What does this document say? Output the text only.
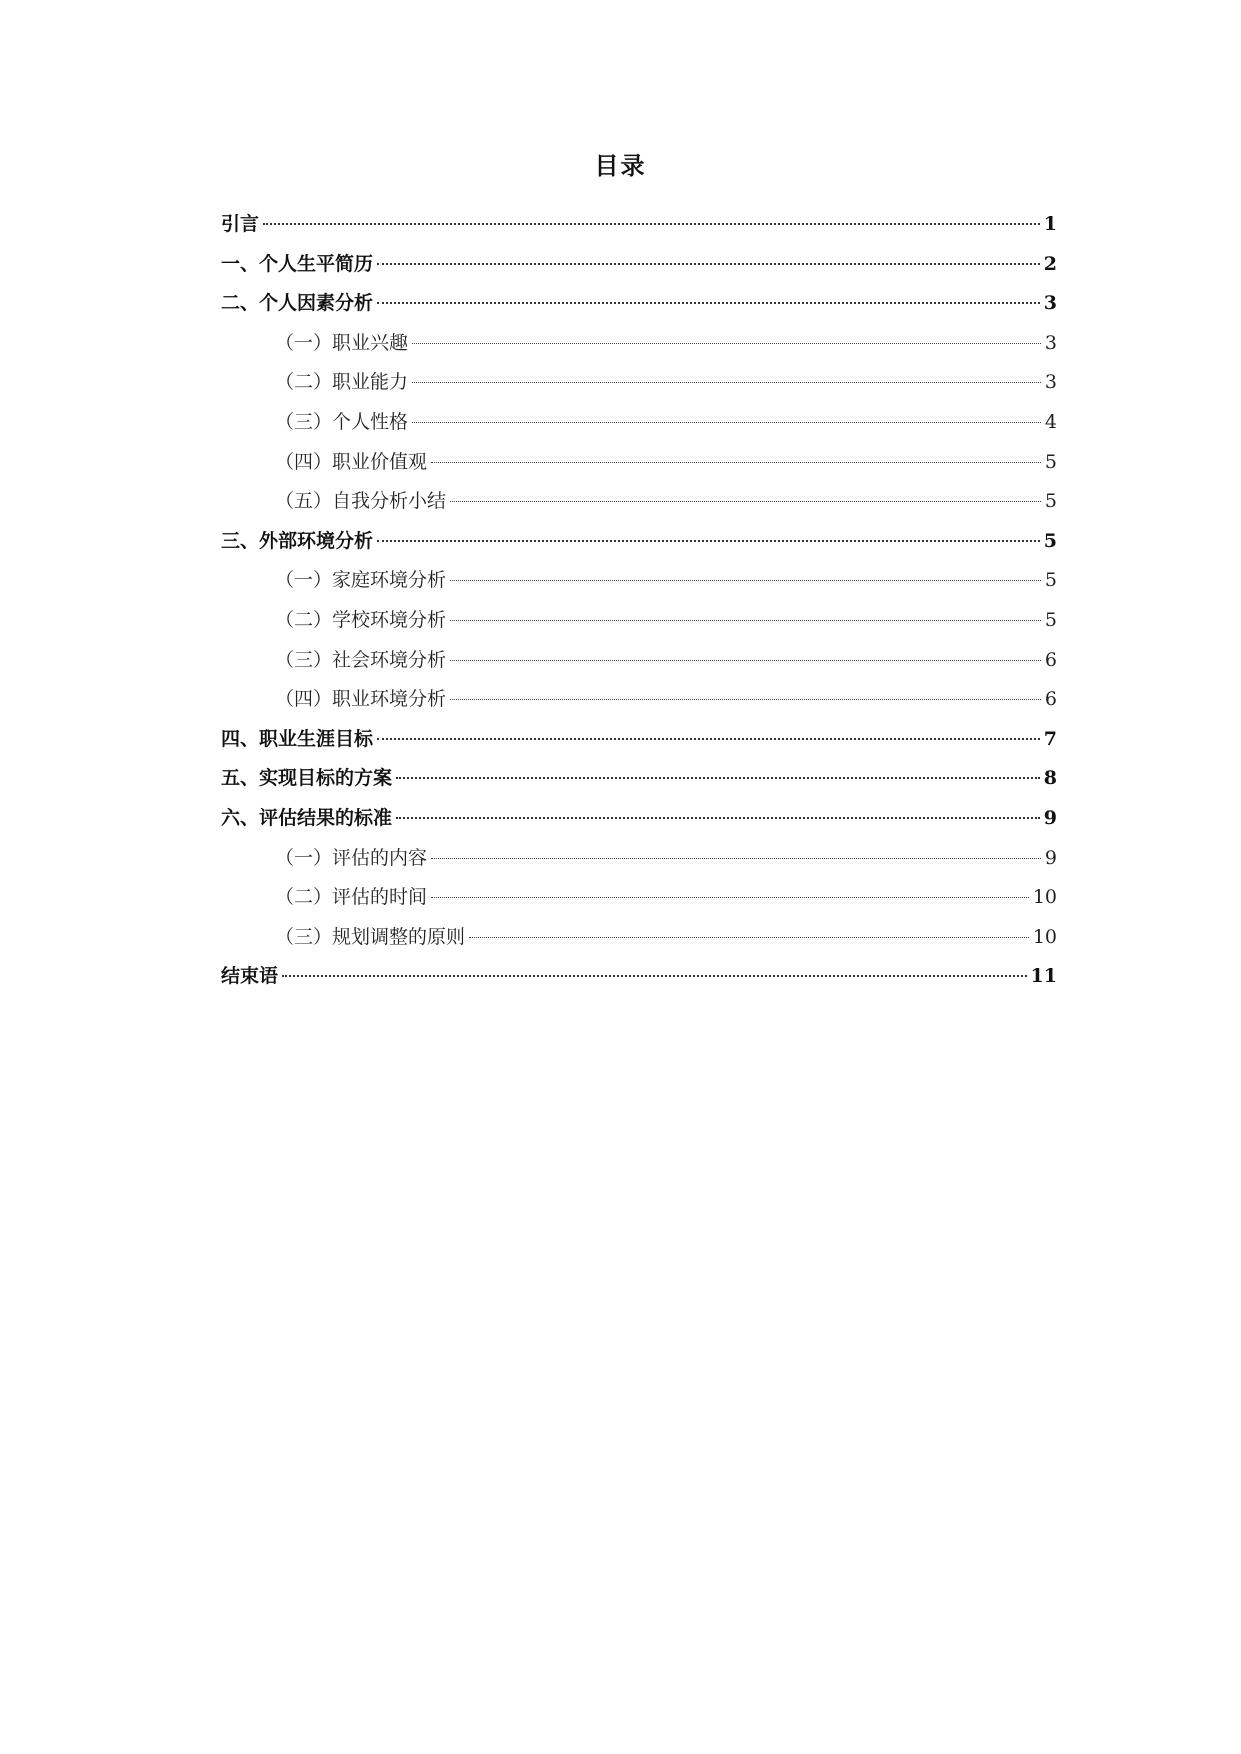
目录
引言	1
一、个人生平简历	2
二、个人因素分析	3
（一）职业兴趣	3
（二）职业能力	3
（三）个人性格	4
（四）职业价值观	5
（五）自我分析小结	5
三、外部环境分析	5
（一）家庭环境分析	5
（二）学校环境分析	5
（三）社会环境分析	6
（四）职业环境分析	6
四、职业生涯目标	7
五、实现目标的方案	8
六、评估结果的标准	9
（一）评估的内容	9
（二）评估的时间	10
（三）规划调整的原则	10
结束语	11
